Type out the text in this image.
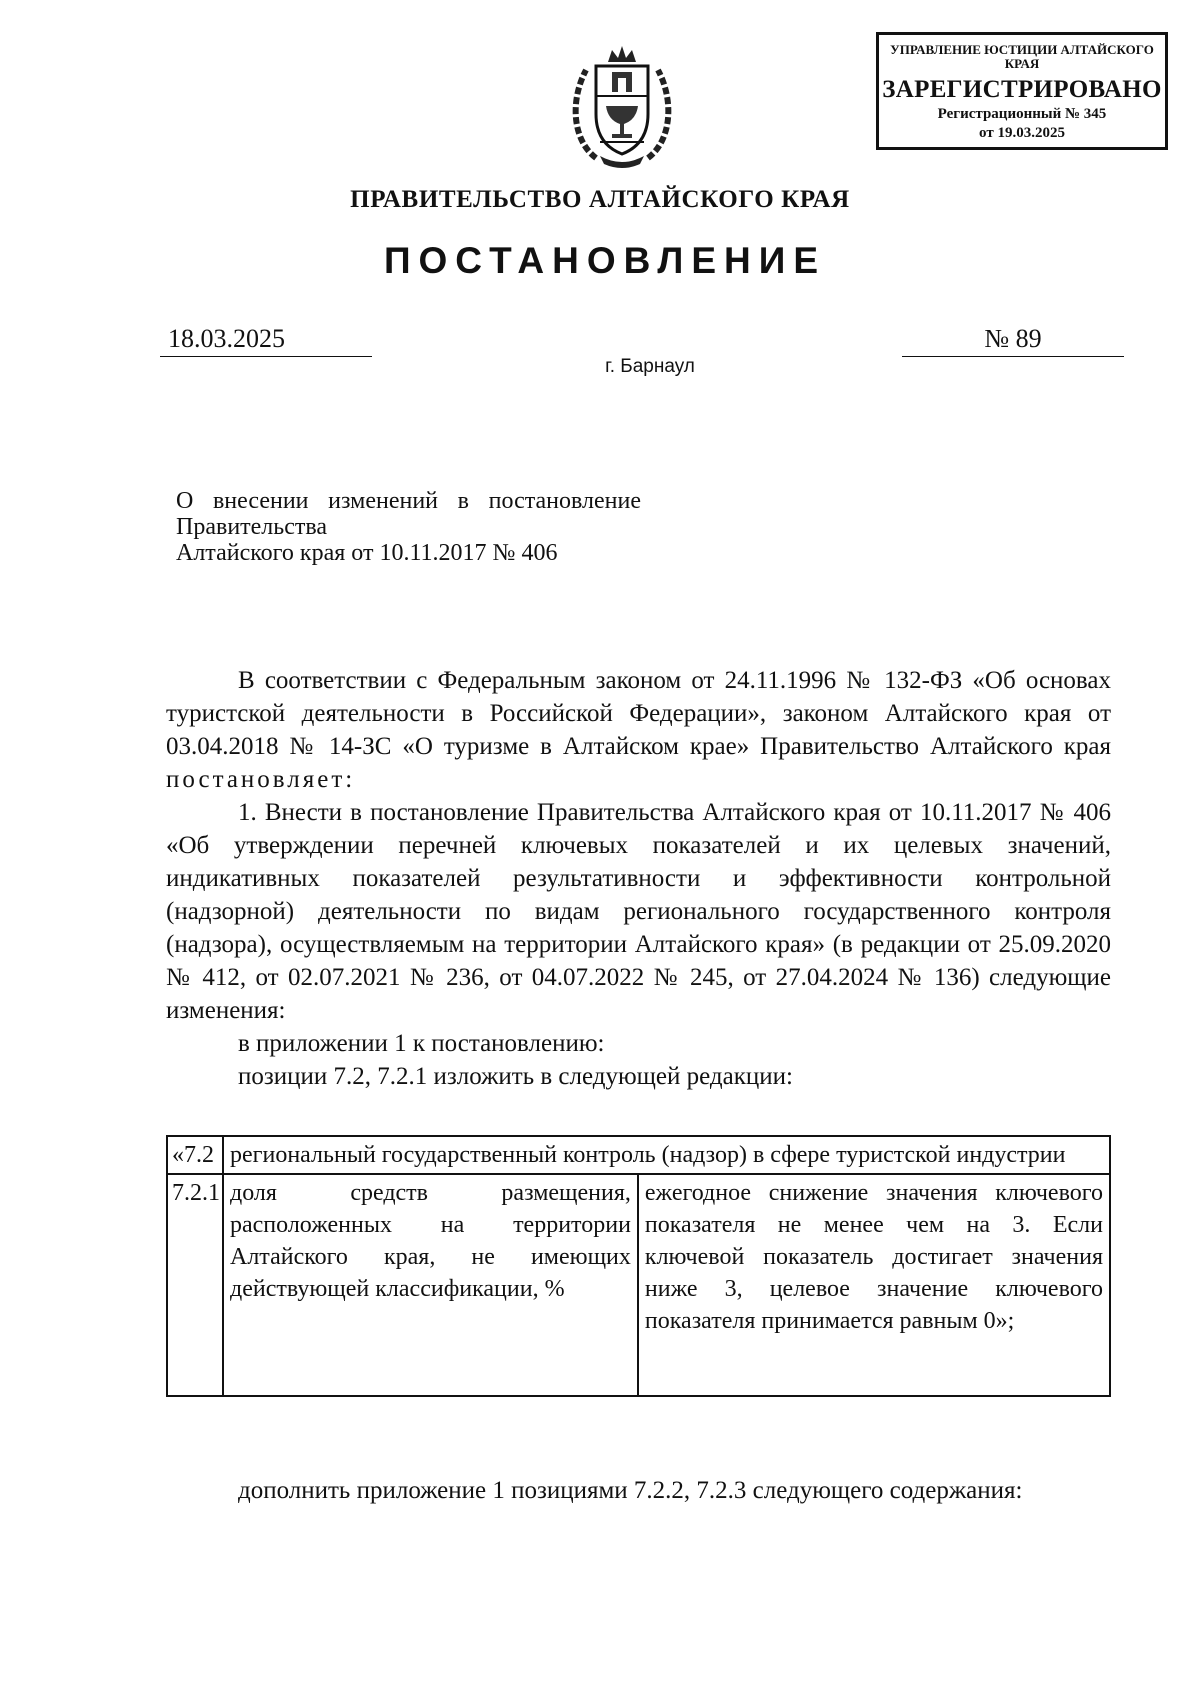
УПРАВЛЕНИЕ ЮСТИЦИИ АЛТАЙСКОГО КРАЯ
ЗАРЕГИСТРИРОВАНО
Регистрационный № 345
от 19.03.2025
ПРАВИТЕЛЬСТВО АЛТАЙСКОГО КРАЯ
ПОСТАНОВЛЕНИЕ
18.03.2025	№ 89
г. Барнаул
О внесении изменений в постановление Правительства
Алтайского края от 10.11.2017 № 406
В соответствии с Федеральным законом от 24.11.1996 № 132-ФЗ «Об основах туристской деятельности в Российской Федерации», законом Алтайского края от 03.04.2018 № 14-ЗС «О туризме в Алтайском крае» Правительство Алтайского края постановляет:
1. Внести в постановление Правительства Алтайского края от 10.11.2017 № 406 «Об утверждении перечней ключевых показателей и их целевых значений, индикативных показателей результативности и эффективности контрольной (надзорной) деятельности по видам регионального государственного контроля (надзора), осуществляемым на территории Алтайского края» (в редакции от 25.09.2020 № 412, от 02.07.2021 № 236, от 04.07.2022 № 245, от 27.04.2024 № 136) следующие изменения:
в приложении 1 к постановлению:
позиции 7.2, 7.2.1 изложить в следующей редакции:
«7.2	региональный государственный контроль (надзор) в сфере туристской индустрии	
7.2.1	доля средств размещения, расположенных на территории Алтайского края, не имеющих действующей классификации, %	ежегодное снижение значения ключевого показателя не менее чем на 3. Если ключевой показатель достигает значения ниже 3, целевое значение ключевого показателя принимается равным 0»;
дополнить приложение 1 позициями 7.2.2, 7.2.3 следующего содержания:
